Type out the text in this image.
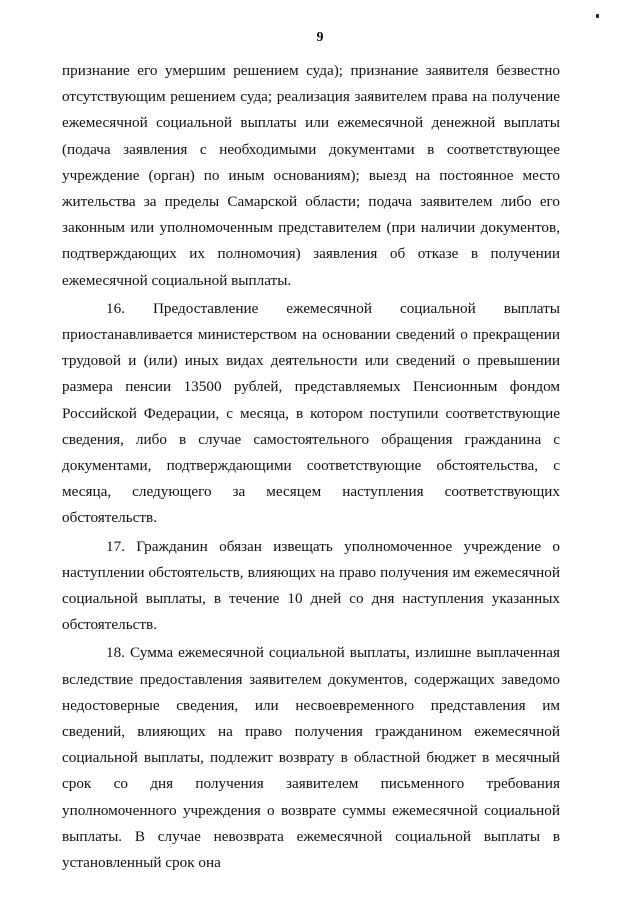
9

признание его умершим решением суда); признание заявителя безвестно отсутствующим решением суда; реализация заявителем права на получение ежемесячной социальной выплаты или ежемесячной денежной выплаты (подача заявления с необходимыми документами в соответствующее учреждение (орган) по иным основаниям); выезд на постоянное место жительства за пределы Самарской области; подача заявителем либо его законным или уполномоченным представителем (при наличии документов, подтверждающих их полномочия) заявления об отказе в получении ежемесячной социальной выплаты.

16. Предоставление ежемесячной социальной выплаты приостанавливается министерством на основании сведений о прекращении трудовой и (или) иных видах деятельности или сведений о превышении размера пенсии 13500 рублей, представляемых Пенсионным фондом Российской Федерации, с месяца, в котором поступили соответствующие сведения, либо в случае самостоятельного обращения гражданина с документами, подтверждающими соответствующие обстоятельства, с месяца, следующего за месяцем наступления соответствующих обстоятельств.

17. Гражданин обязан извещать уполномоченное учреждение о наступлении обстоятельств, влияющих на право получения им ежемесячной социальной выплаты, в течение 10 дней со дня наступления указанных обстоятельств.

18. Сумма ежемесячной социальной выплаты, излишне выплаченная вследствие предоставления заявителем документов, содержащих заведомо недостоверные сведения, или несвоевременного представления им сведений, влияющих на право получения гражданином ежемесячной социальной выплаты, подлежит возврату в областной бюджет в месячный срок со дня получения заявителем письменного требования уполномоченного учреждения о возврате суммы ежемесячной социальной выплаты. В случае невозврата ежемесячной социальной выплаты в установленный срок она
